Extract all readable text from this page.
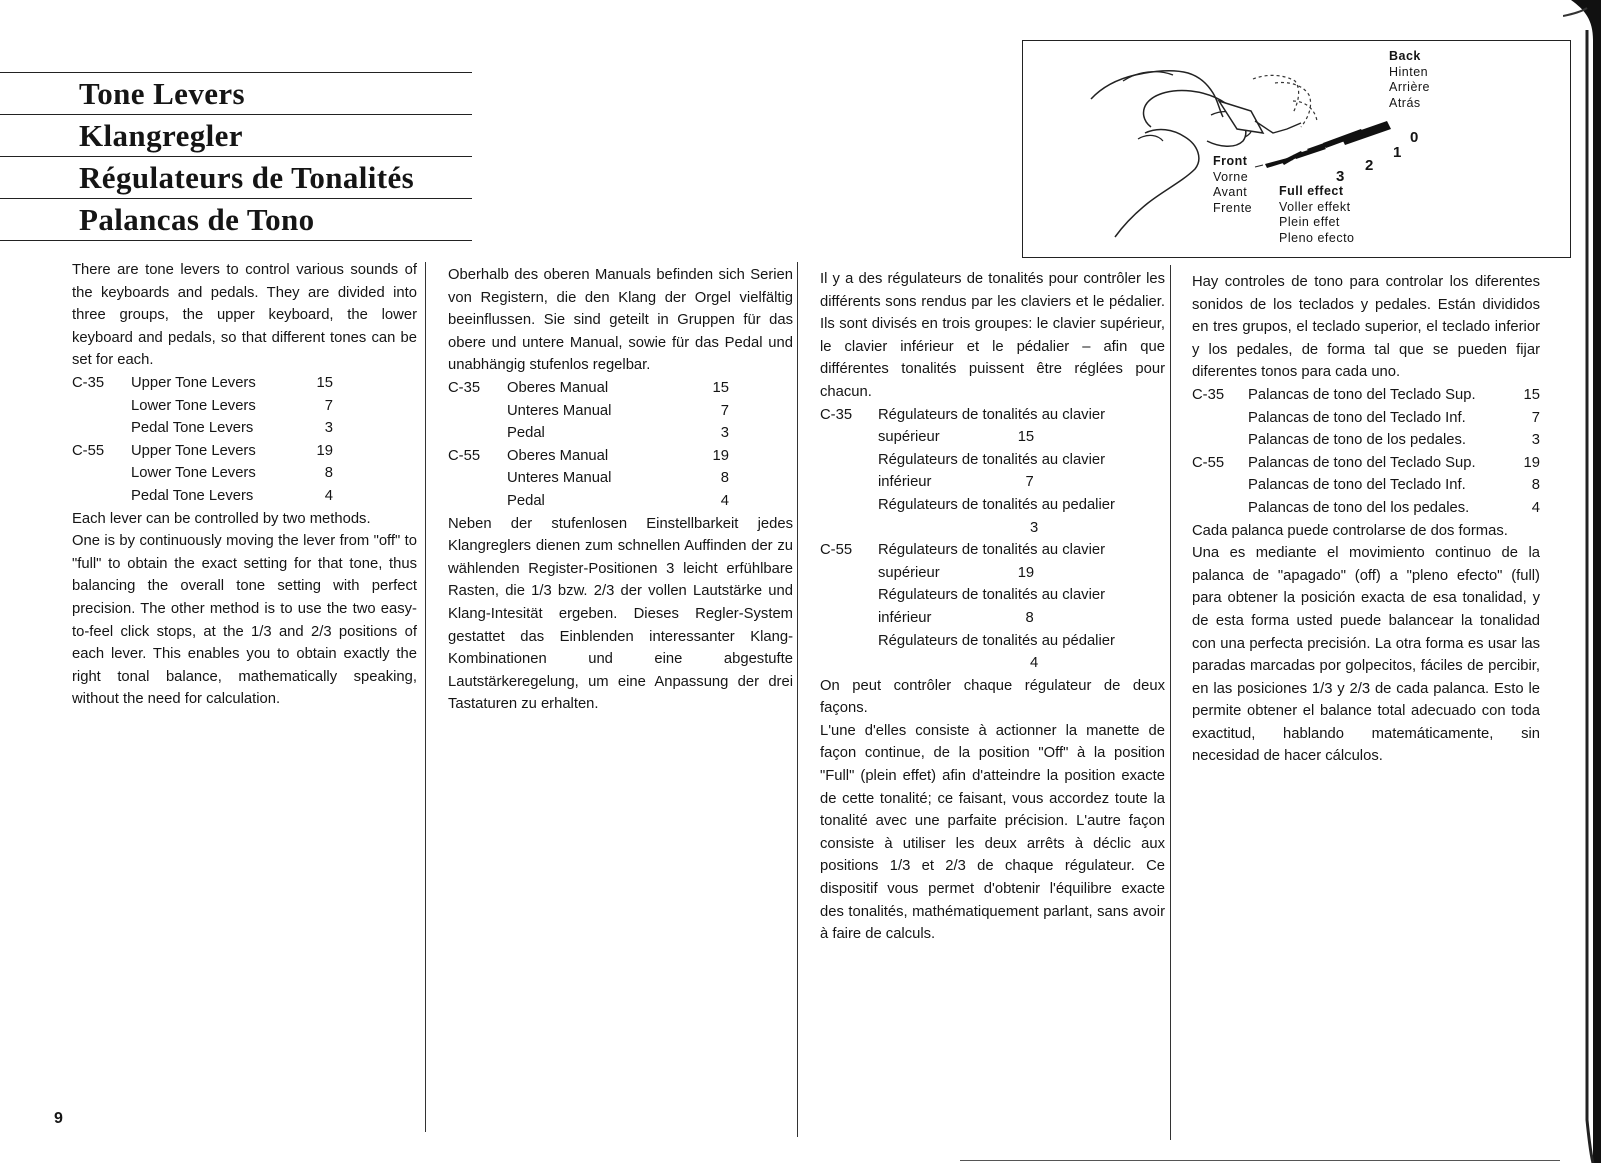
Tone Levers
Klangregler
Régulateurs de Tonalités
Palancas de Tono
Back
Hinten
Arrière
Atrás
Front
Vorne
Avant
Frente
Full effect
Voller effekt
Plein effet
Pleno efecto
0
1
2
3

There are tone levers to control various sounds of the keyboards and pedals. They are divided into three groups, the upper keyboard, the lower keyboard and pedals, so that different tones can be set for each.

C-35	Upper Tone Levers	15
Lower Tone Levers	7
Pedal Tone Levers	3
C-55	Upper Tone Levers	19
Lower Tone Levers	8
Pedal Tone Levers	4

Each lever can be controlled by two methods.

One is by continuously moving the lever from "off" to "full" to obtain the exact setting for that tone, thus balancing the overall tone setting with perfect precision. The other method is to use the two easy-to-feel click stops, at the 1/3 and 2/3 positions of each lever. This enables you to obtain exactly the right tonal balance, mathematically speaking, without the need for calculation.

Oberhalb des oberen Manuals befinden sich Serien von Registern, die den Klang der Orgel vielfältig beeinflussen. Sie sind geteilt in Gruppen für das obere und untere Manual, sowie für das Pedal und unabhängig stufenlos regelbar.

C-35	Oberes Manual	15
Unteres Manual	7
Pedal	3
C-55	Oberes Manual	19
Unteres Manual	8
Pedal	4

Neben der stufenlosen Einstellbarkeit jedes Klangreglers dienen zum schnellen Auffinden der zu wählenden Register-Positionen 3 leicht erfühlbare Rasten, die 1/3 bzw. 2/3 der vollen Lautstärke und Klang-Intesität ergeben. Dieses Regler-System gestattet das Einblenden interessanter Klang-Kombinationen und eine abgestufte Lautstärkeregelung, um eine Anpassung der drei Tastaturen zu erhalten.

Il y a des régulateurs de tonalités pour contrôler les différents sons rendus par les claviers et le pédalier. Ils sont divisés en trois groupes: le clavier supérieur, le clavier inférieur et le pédalier – afin que différentes tonalités puissent être réglées pour chacun.

C-35	Régulateurs de tonalités au clavier
supérieur	15
Régulateurs de tonalités au clavier
inférieur	7
Régulateurs de tonalités au pedalier
3
C-55	Régulateurs de tonalités au clavier
supérieur	19
Régulateurs de tonalités au clavier
inférieur	8
Régulateurs de tonalités au pédalier
4

On peut contrôler chaque régulateur de deux façons.

L'une d'elles consiste à actionner la manette de façon continue, de la position "Off" à la position "Full" (plein effet) afin d'atteindre la position exacte de cette tonalité; ce faisant, vous accordez toute la tonalité avec une parfaite précision. L'autre façon consiste à utiliser les deux arrêts à déclic aux positions 1/3 et 2/3 de chaque régulateur. Ce dispositif vous permet d'obtenir l'équilibre exacte des tonalités, mathématiquement parlant, sans avoir à faire de calculs.

Hay controles de tono para controlar los diferentes sonidos de los teclados y pedales. Están divididos en tres grupos, el teclado superior, el teclado inferior y los pedales, de forma tal que se pueden fijar diferentes tonos para cada uno.

C-35	Palancas de tono del Teclado Sup.	15
Palancas de tono del Teclado Inf.	7
Palancas de tono de los pedales.	3
C-55	Palancas de tono del Teclado Sup.	19
Palancas de tono del Teclado Inf.	8
Palancas de tono del los pedales.	4

Cada palanca puede controlarse de dos formas.

Una es mediante el movimiento continuo de la palanca de "apagado" (off) a "pleno efecto" (full) para obtener la posición exacta de esa tonalidad, y de esta forma usted puede balancear la tonalidad con una perfecta precisión. La otra forma es usar las paradas marcadas por golpecitos, fáciles de percibir, en las posiciones 1/3 y 2/3 de cada palanca. Esto le permite obtener el balance total adecuado con toda exactitud, hablando matemáticamente, sin necesidad de hacer cálculos.

9
